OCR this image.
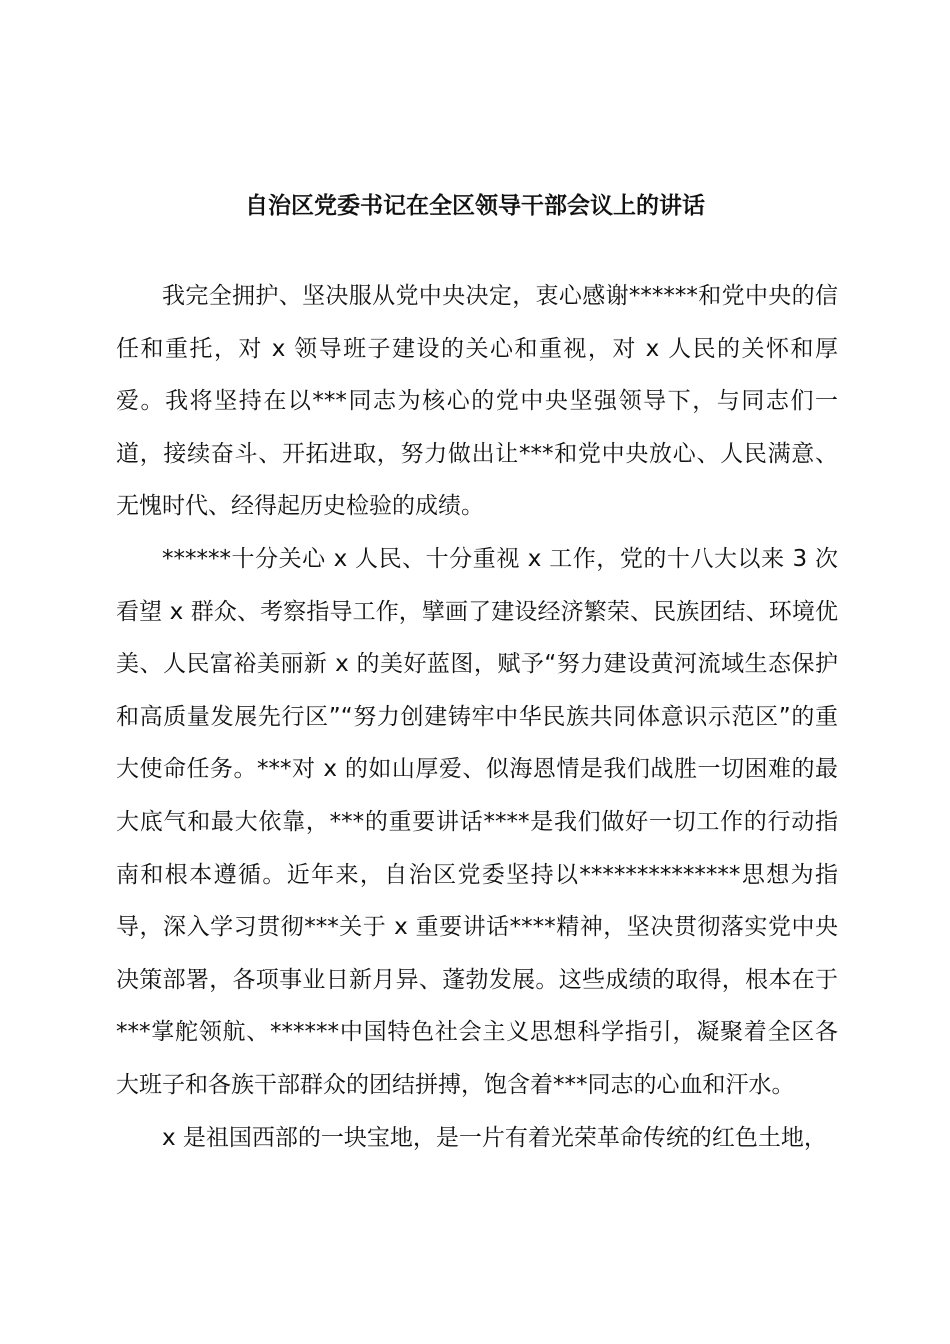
自治区党委书记在全区领导干部会议上的讲话

我完全拥护、坚决服从党中央决定，衷心感谢******和党中央的信任和重托，对 x 领导班子建设的关心和重视，对 x 人民的关怀和厚爱。我将坚持在以***同志为核心的党中央坚强领导下，与同志们一道，接续奋斗、开拓进取，努力做出让***和党中央放心、人民满意、无愧时代、经得起历史检验的成绩。

******十分关心 x 人民、十分重视 x 工作，党的十八大以来 3 次看望 x 群众、考察指导工作，擘画了建设经济繁荣、民族团结、环境优美、人民富裕美丽新 x 的美好蓝图，赋予“努力建设黄河流域生态保护和高质量发展先行区”“努力创建铸牢中华民族共同体意识示范区”的重大使命任务。***对 x 的如山厚爱、似海恩情是我们战胜一切困难的最大底气和最大依靠，***的重要讲话****是我们做好一切工作的行动指南和根本遵循。近年来，自治区党委坚持以**************思想为指导，深入学习贯彻***关于 x 重要讲话****精神，坚决贯彻落实党中央决策部署，各项事业日新月异、蓬勃发展。这些成绩的取得，根本在于***掌舵领航、******中国特色社会主义思想科学指引，凝聚着全区各大班子和各族干部群众的团结拼搏，饱含着***同志的心血和汗水。

x 是祖国西部的一块宝地，是一片有着光荣革命传统的红色土地，
